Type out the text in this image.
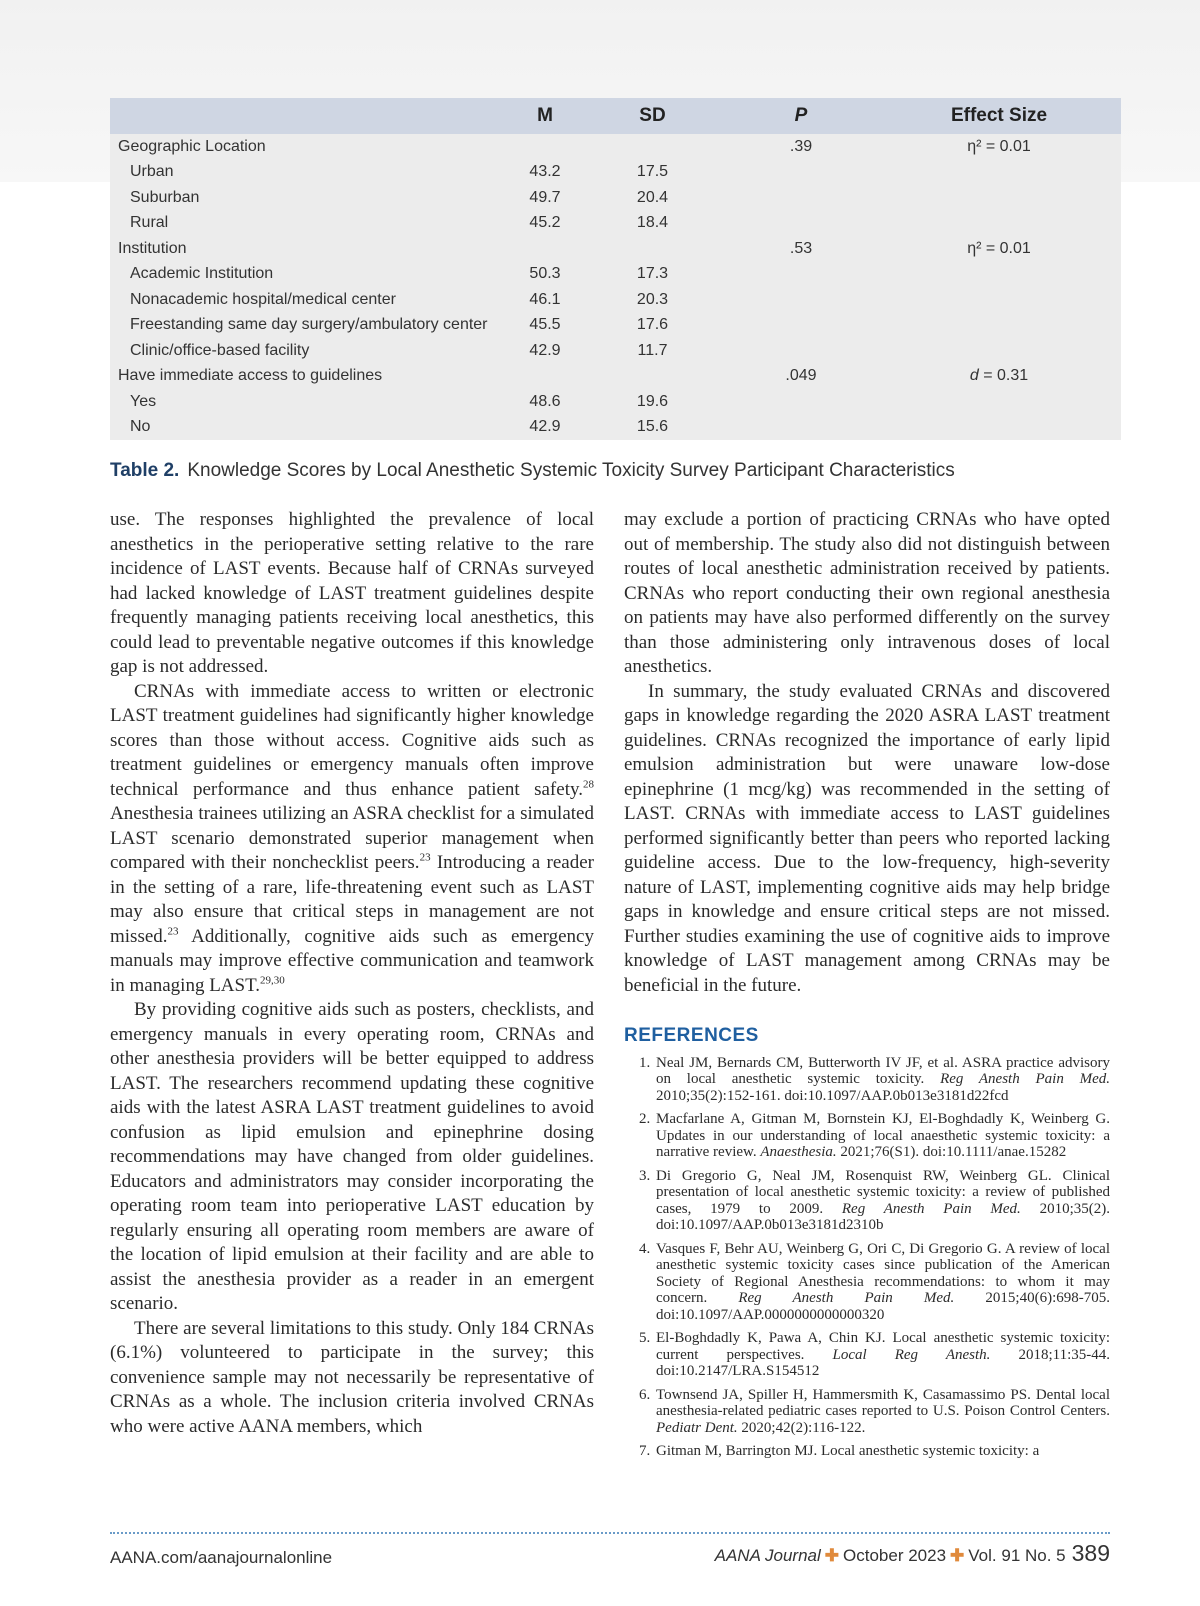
	M	SD	P	Effect Size
Geographic Location			.39	η² = 0.01
Urban	43.2	17.5		
Suburban	49.7	20.4		
Rural	45.2	18.4		
Institution			.53	η² = 0.01
Academic Institution	50.3	17.3		
Nonacademic hospital/medical center	46.1	20.3		
Freestanding same day surgery/ambulatory center	45.5	17.6		
Clinic/office-based facility	42.9	11.7		
Have immediate access to guidelines			.049	d = 0.31
Yes	48.6	19.6		
No	42.9	15.6		
Table 2. Knowledge Scores by Local Anesthetic Systemic Toxicity Survey Participant Characteristics

use. The responses highlighted the prevalence of local anesthetics in the perioperative setting relative to the rare incidence of LAST events. Because half of CRNAs surveyed had lacked knowledge of LAST treatment guidelines despite frequently managing patients receiving local anesthetics, this could lead to preventable negative outcomes if this knowledge gap is not addressed.

CRNAs with immediate access to written or electronic LAST treatment guidelines had significantly higher knowledge scores than those without access. Cognitive aids such as treatment guidelines or emergency manuals often improve technical performance and thus enhance patient safety.$^{28}$ Anesthesia trainees utilizing an ASRA checklist for a simulated LAST scenario demonstrated superior management when compared with their nonchecklist peers.$^{23}$ Introducing a reader in the setting of a rare, life-threatening event such as LAST may also ensure that critical steps in management are not missed.$^{23}$ Additionally, cognitive aids such as emergency manuals may improve effective communication and teamwork in managing LAST.$^{29,30}$

By providing cognitive aids such as posters, checklists, and emergency manuals in every operating room, CRNAs and other anesthesia providers will be better equipped to address LAST. The researchers recommend updating these cognitive aids with the latest ASRA LAST treatment guidelines to avoid confusion as lipid emulsion and epinephrine dosing recommendations may have changed from older guidelines. Educators and administrators may consider incorporating the operating room team into perioperative LAST education by regularly ensuring all operating room members are aware of the location of lipid emulsion at their facility and are able to assist the anesthesia provider as a reader in an emergent scenario.

There are several limitations to this study. Only 184 CRNAs (6.1%) volunteered to participate in the survey; this convenience sample may not necessarily be representative of CRNAs as a whole. The inclusion criteria involved CRNAs who were active AANA members, which

may exclude a portion of practicing CRNAs who have opted out of membership. The study also did not distinguish between routes of local anesthetic administration received by patients. CRNAs who report conducting their own regional anesthesia on patients may have also performed differently on the survey than those administering only intravenous doses of local anesthetics.

In summary, the study evaluated CRNAs and discovered gaps in knowledge regarding the 2020 ASRA LAST treatment guidelines. CRNAs recognized the importance of early lipid emulsion administration but were unaware low-dose epinephrine (1 mcg/kg) was recommended in the setting of LAST. CRNAs with immediate access to LAST guidelines performed significantly better than peers who reported lacking guideline access. Due to the low-frequency, high-severity nature of LAST, implementing cognitive aids may help bridge gaps in knowledge and ensure critical steps are not missed. Further studies examining the use of cognitive aids to improve knowledge of LAST management among CRNAs may be beneficial in the future.

REFERENCES
1. Neal JM, Bernards CM, Butterworth IV JF, et al. ASRA practice advisory on local anesthetic systemic toxicity. Reg Anesth Pain Med. 2010;35(2):152-161. doi:10.1097/AAP.0b013e3181d22fcd
2. Macfarlane A, Gitman M, Bornstein KJ, El-Boghdadly K, Weinberg G. Updates in our understanding of local anaesthetic systemic toxicity: a narrative review. Anaesthesia. 2021;76(S1). doi:10.1111/anae.15282
3. Di Gregorio G, Neal JM, Rosenquist RW, Weinberg GL. Clinical presentation of local anesthetic systemic toxicity: a review of published cases, 1979 to 2009. Reg Anesth Pain Med. 2010;35(2). doi:10.1097/AAP.0b013e3181d2310b
4. Vasques F, Behr AU, Weinberg G, Ori C, Di Gregorio G. A review of local anesthetic systemic toxicity cases since publication of the American Society of Regional Anesthesia recommendations: to whom it may concern. Reg Anesth Pain Med. 2015;40(6):698-705. doi:10.1097/AAP.0000000000000320
5. El-Boghdadly K, Pawa A, Chin KJ. Local anesthetic systemic toxicity: current perspectives. Local Reg Anesth. 2018;11:35-44. doi:10.2147/LRA.S154512
6. Townsend JA, Spiller H, Hammersmith K, Casamassimo PS. Dental local anesthesia-related pediatric cases reported to U.S. Poison Control Centers. Pediatr Dent. 2020;42(2):116-122.
7. Gitman M, Barrington MJ. Local anesthetic systemic toxicity: a
AANA.com/aanajournalonline	AANA Journal ✚ October 2023 ✚ Vol. 91 No. 5 389
